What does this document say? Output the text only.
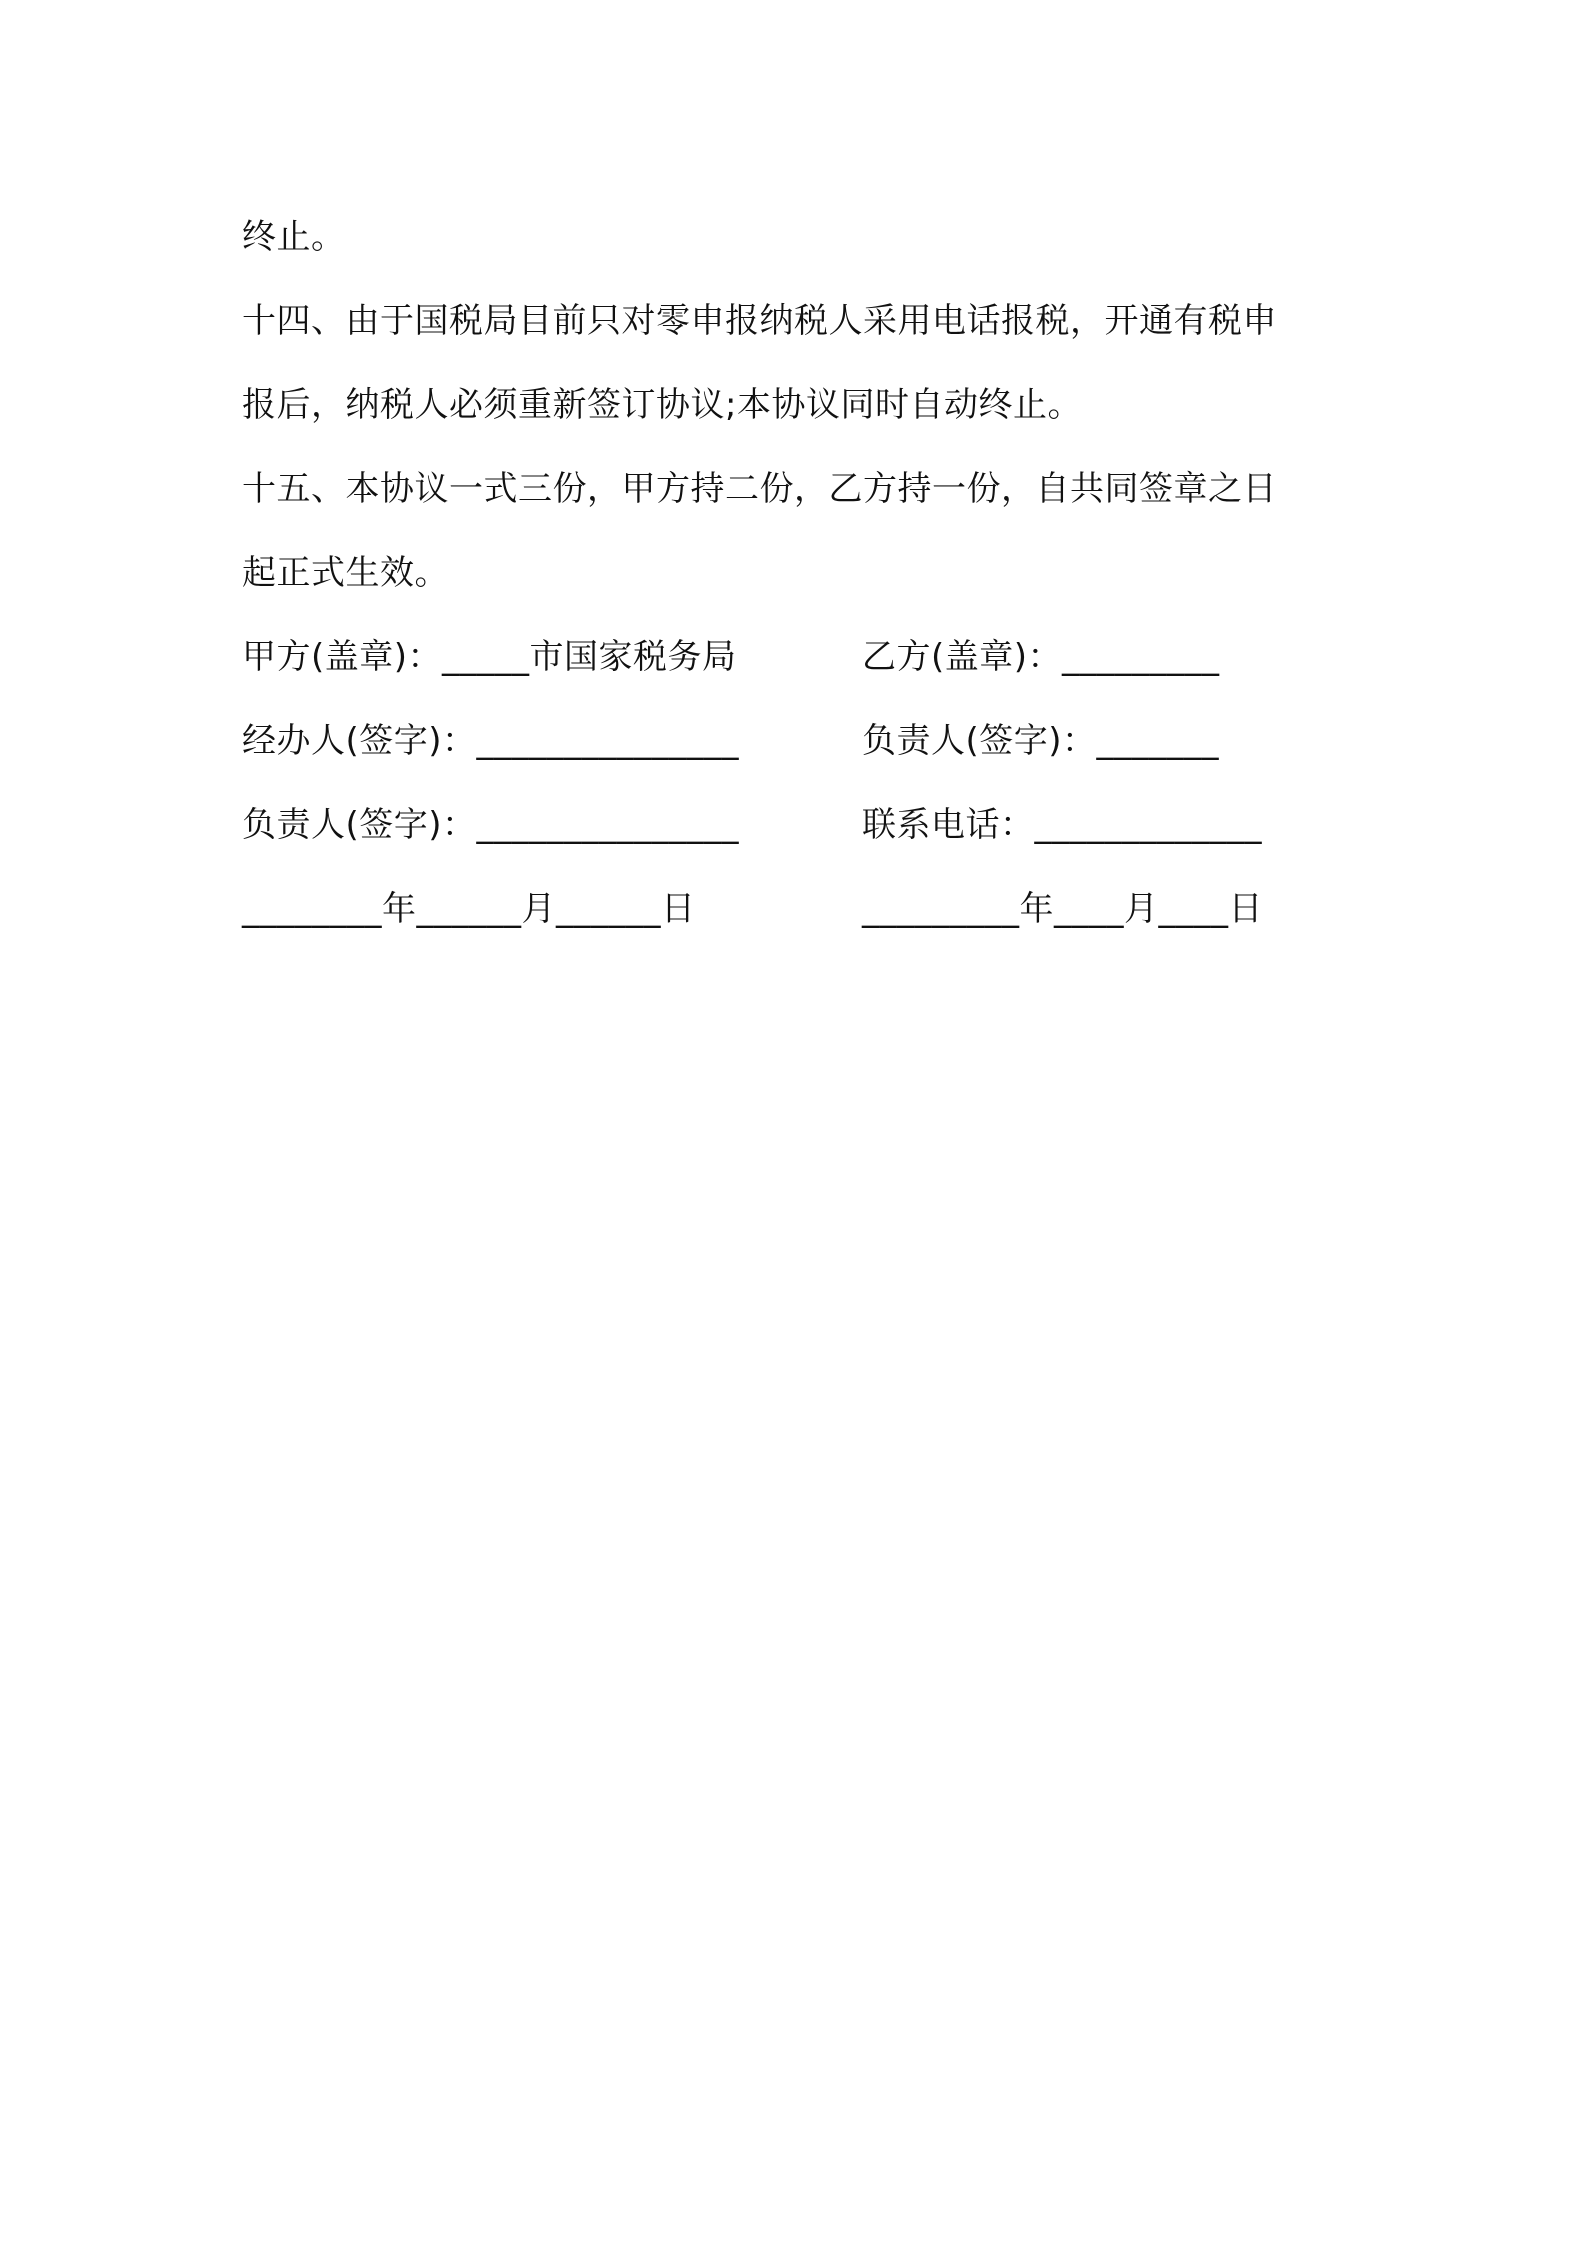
终止。
十四、由于国税局目前只对零申报纳税人采用电话报税，开通有税申
报后，纳税人必须重新签订协议;本协议同时自动终止。
十五、本协议一式三份，甲方持二份，乙方持一份，自共同签章之日
起正式生效。
甲方(盖章)：_____市国家税务局	乙方(盖章)：_________
经办人(签字)：_______________	负责人(签字)：_______
负责人(签字)：_______________	联系电话：_____________
________年______月______日	_________年____月____日
